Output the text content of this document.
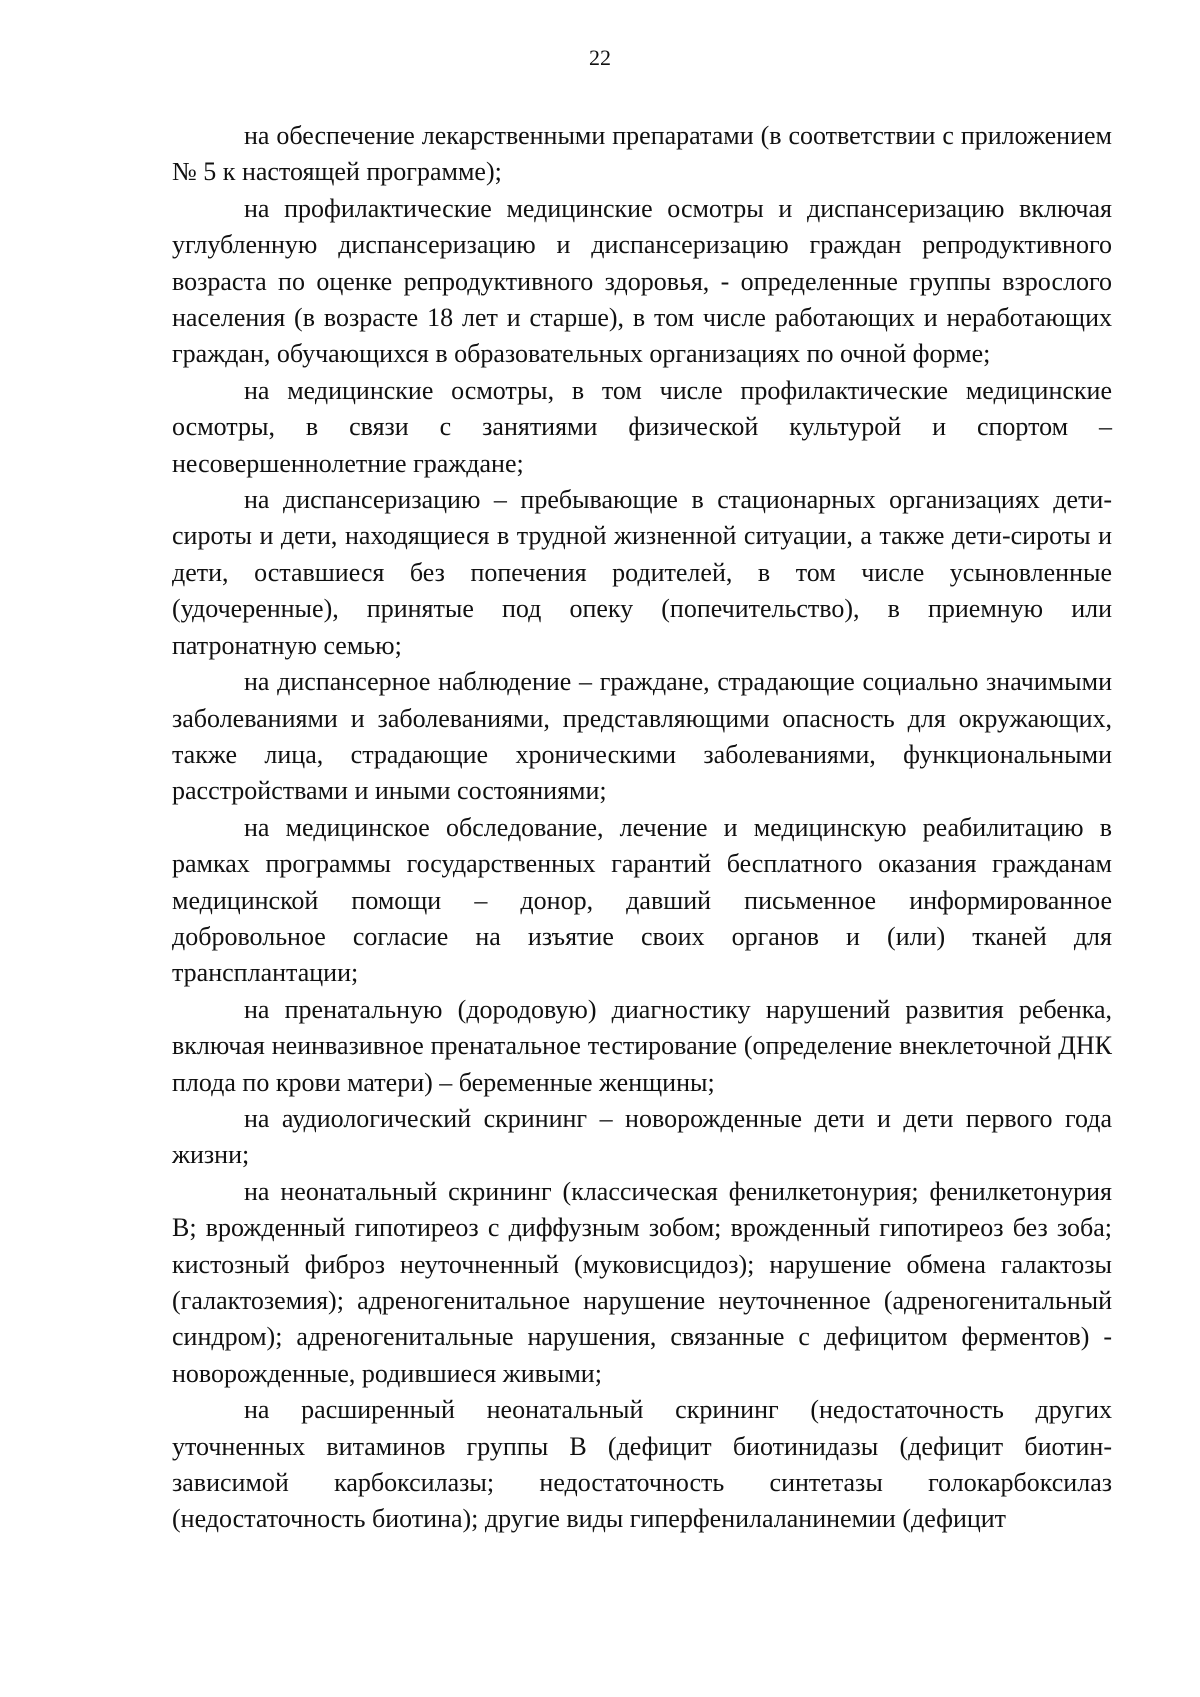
22

на обеспечение лекарственными препаратами (в соответствии с приложением № 5 к настоящей программе);

на профилактические медицинские осмотры и диспансеризацию включая углубленную диспансеризацию и диспансеризацию граждан репродуктивного возраста по оценке репродуктивного здоровья, - определенные группы взрослого населения (в возрасте 18 лет и старше), в том числе работающих и неработающих граждан, обучающихся в образовательных организациях по очной форме;

на медицинские осмотры, в том числе профилактические медицинские осмотры, в связи с занятиями физической культурой и спортом – несовершеннолетние граждане;

на диспансеризацию – пребывающие в стационарных организациях дети-сироты и дети, находящиеся в трудной жизненной ситуации, а также дети-сироты и дети, оставшиеся без попечения родителей, в том числе усыновленные (удочеренные), принятые под опеку (попечительство), в приемную или патронатную семью;

на диспансерное наблюдение – граждане, страдающие социально значимыми заболеваниями и заболеваниями, представляющими опасность для окружающих, также лица, страдающие хроническими заболеваниями, функциональными расстройствами и иными состояниями;

на медицинское обследование, лечение и медицинскую реабилитацию в рамках программы государственных гарантий бесплатного оказания гражданам медицинской помощи – донор, давший письменное информированное добровольное согласие на изъятие своих органов и (или) тканей для трансплантации;

на пренатальную (дородовую) диагностику нарушений развития ребенка, включая неинвазивное пренатальное тестирование (определение внеклеточной ДНК плода по крови матери) – беременные женщины;

на аудиологический скрининг – новорожденные дети и дети первого года жизни;

на неонатальный скрининг (классическая фенилкетонурия; фенилкетонурия B; врожденный гипотиреоз с диффузным зобом; врожденный гипотиреоз без зоба; кистозный фиброз неуточненный (муковисцидоз); нарушение обмена галактозы (галактоземия); адреногенитальное нарушение неуточненное (адреногенитальный синдром); адреногенитальные нарушения, связанные с дефицитом ферментов) - новорожденные, родившиеся живыми;

на расширенный неонатальный скрининг (недостаточность других уточненных витаминов группы B (дефицит биотинидазы (дефицит биотин-зависимой карбоксилазы; недостаточность синтетазы голокарбоксилаз (недостаточность биотина); другие виды гиперфенилаланинемии (дефицит
